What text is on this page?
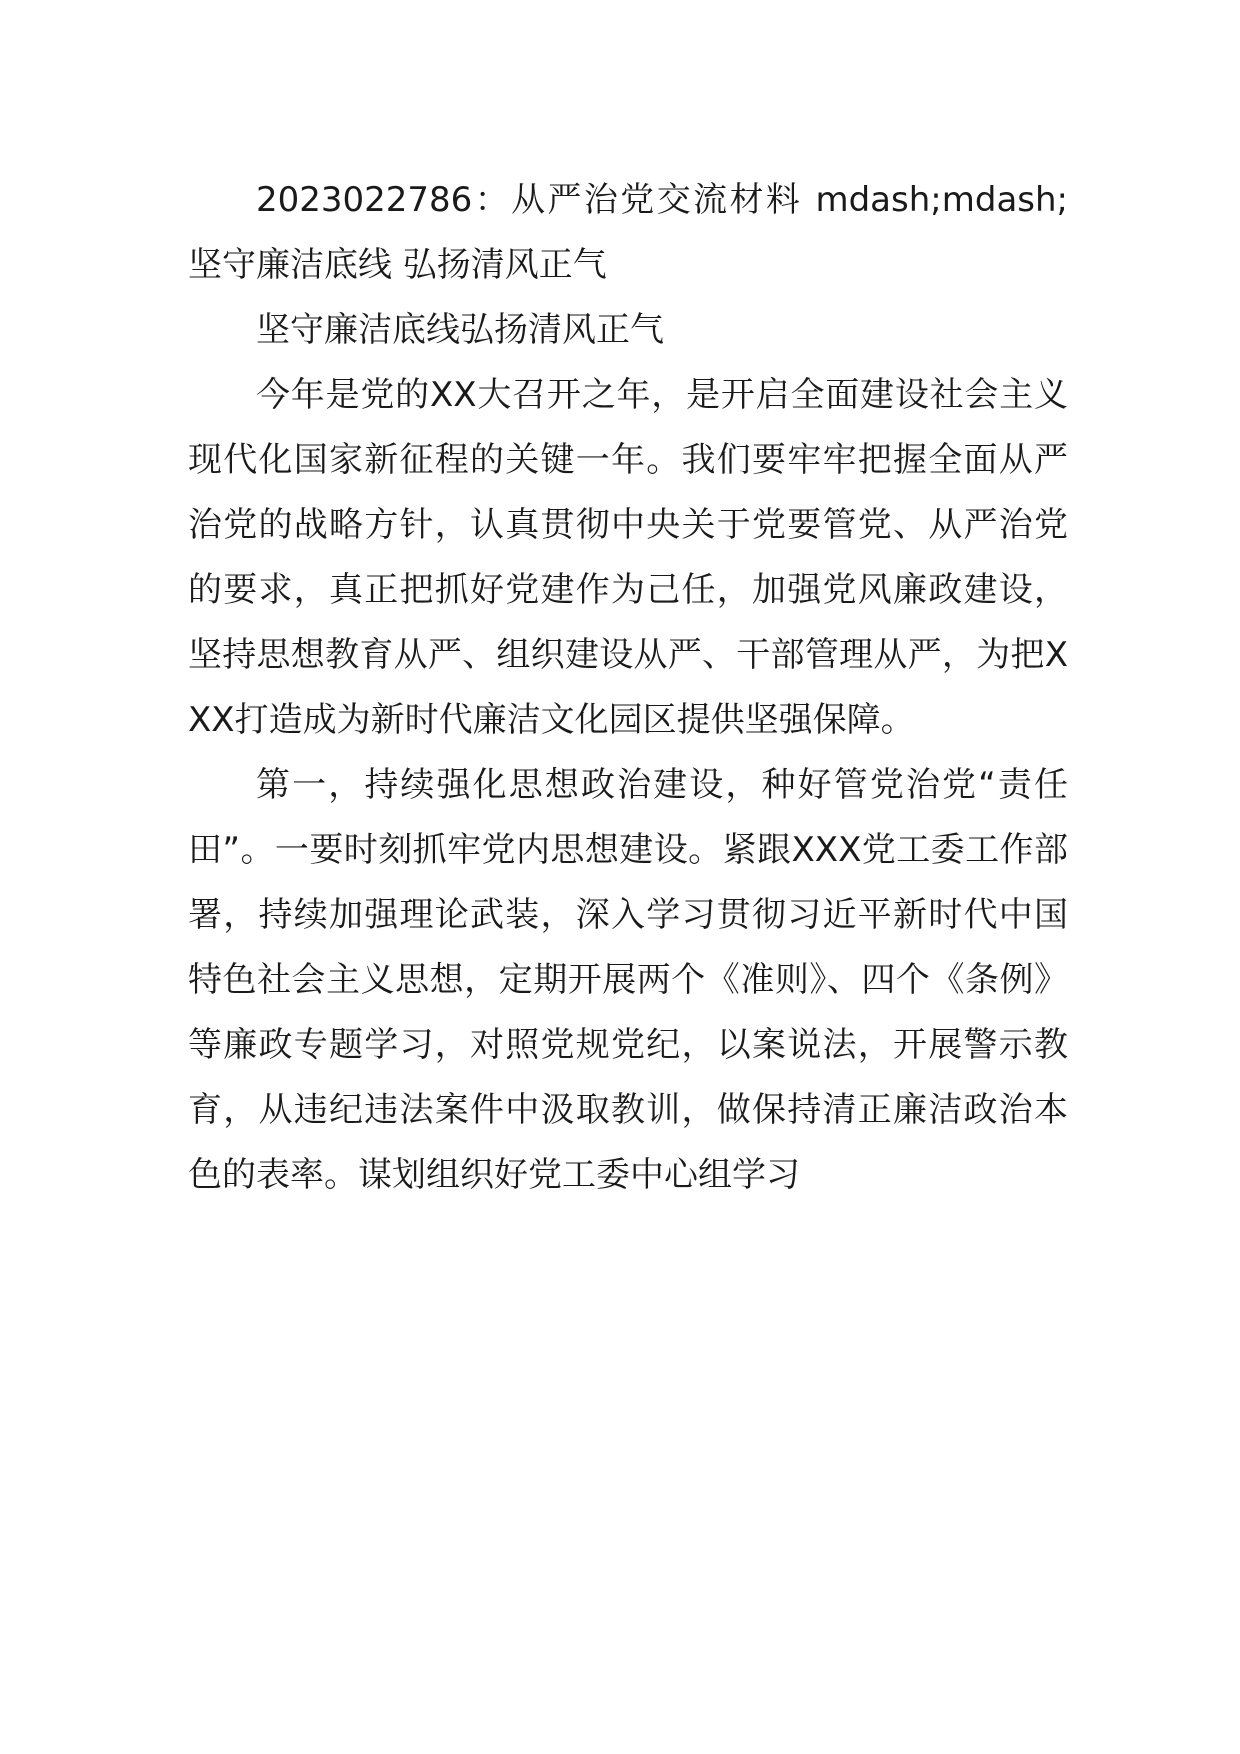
2023022786：从严治党交流材料 mdash;mdash;坚守廉洁底线 弘扬清风正气

坚守廉洁底线弘扬清风正气

今年是党的XX大召开之年，是开启全面建设社会主义现代化国家新征程的关键一年。我们要牢牢把握全面从严治党的战略方针，认真贯彻中央关于党要管党、从严治党的要求，真正把抓好党建作为己任，加强党风廉政建设，坚持思想教育从严、组织建设从严、干部管理从严，为把XXX打造成为新时代廉洁文化园区提供坚强保障。

第一，持续强化思想政治建设，种好管党治党“责任田”。一要时刻抓牢党内思想建设。紧跟XXX党工委工作部署，持续加强理论武装，深入学习贯彻习近平新时代中国特色社会主义思想，定期开展两个《准则》、四个《条例》等廉政专题学习，对照党规党纪，以案说法，开展警示教育，从违纪违法案件中汲取教训，做保持清正廉洁政治本色的表率。谋划组织好党工委中心组学习
